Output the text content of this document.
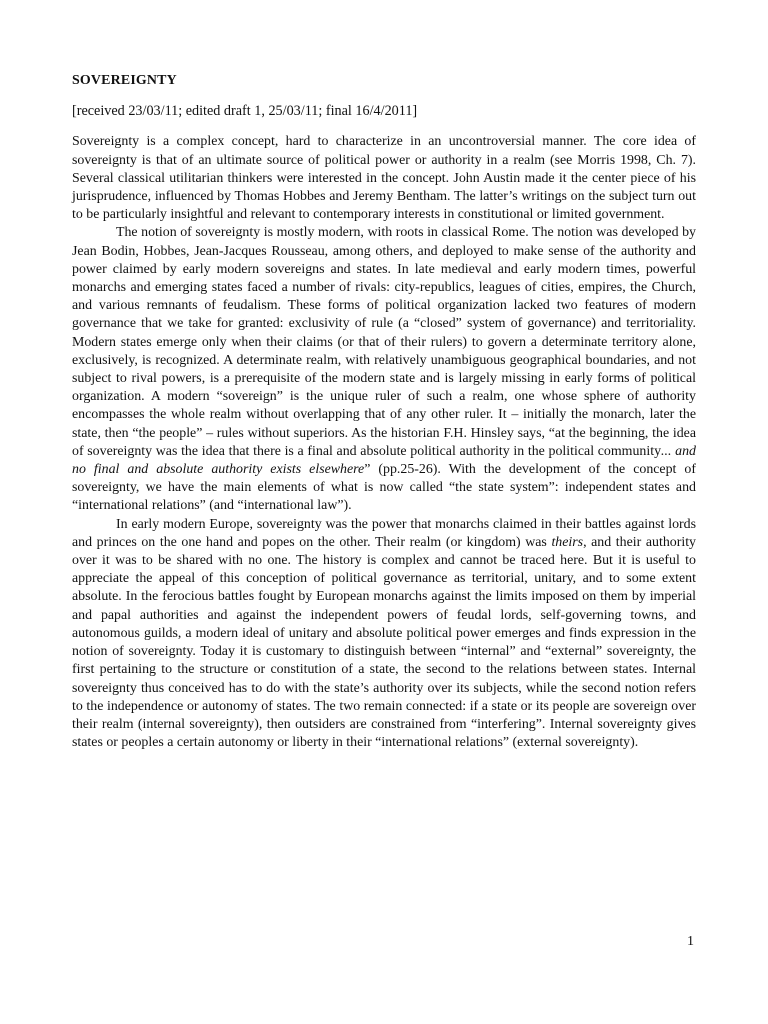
SOVEREIGNTY
[received 23/03/11; edited draft 1, 25/03/11; final 16/4/2011]

Sovereignty is a complex concept, hard to characterize in an uncontroversial manner. The core idea of sovereignty is that of an ultimate source of political power or authority in a realm (see Morris 1998, Ch. 7). Several classical utilitarian thinkers were interested in the concept. John Austin made it the center piece of his jurisprudence, influenced by Thomas Hobbes and Jeremy Bentham. The latter’s writings on the subject turn out to be particularly insightful and relevant to contemporary interests in constitutional or limited government.

The notion of sovereignty is mostly modern, with roots in classical Rome. The notion was developed by Jean Bodin, Hobbes, Jean-Jacques Rousseau, among others, and deployed to make sense of the authority and power claimed by early modern sovereigns and states. In late medieval and early modern times, powerful monarchs and emerging states faced a number of rivals: city-republics, leagues of cities, empires, the Church, and various remnants of feudalism. These forms of political organization lacked two features of modern governance that we take for granted: exclusivity of rule (a “closed” system of governance) and territoriality. Modern states emerge only when their claims (or that of their rulers) to govern a determinate territory alone, exclusively, is recognized. A determinate realm, with relatively unambiguous geographical boundaries, and not subject to rival powers, is a prerequisite of the modern state and is largely missing in early forms of political organization. A modern “sovereign” is the unique ruler of such a realm, one whose sphere of authority encompasses the whole realm without overlapping that of any other ruler. It – initially the monarch, later the state, then “the people” – rules without superiors. As the historian F.H. Hinsley says, “at the beginning, the idea of sovereignty was the idea that there is a final and absolute political authority in the political community... and no final and absolute authority exists elsewhere” (pp.25-26). With the development of the concept of sovereignty, we have the main elements of what is now called “the state system”: independent states and “international relations” (and “international law”).

In early modern Europe, sovereignty was the power that monarchs claimed in their battles against lords and princes on the one hand and popes on the other. Their realm (or kingdom) was theirs, and their authority over it was to be shared with no one. The history is complex and cannot be traced here. But it is useful to appreciate the appeal of this conception of political governance as territorial, unitary, and to some extent absolute. In the ferocious battles fought by European monarchs against the limits imposed on them by imperial and papal authorities and against the independent powers of feudal lords, self-governing towns, and autonomous guilds, a modern ideal of unitary and absolute political power emerges and finds expression in the notion of sovereignty. Today it is customary to distinguish between “internal” and “external” sovereignty, the first pertaining to the structure or constitution of a state, the second to the relations between states. Internal sovereignty thus conceived has to do with the state’s authority over its subjects, while the second notion refers to the independence or autonomy of states. The two remain connected: if a state or its people are sovereign over their realm (internal sovereignty), then outsiders are constrained from “interfering”. Internal sovereignty gives states or peoples a certain autonomy or liberty in their “international relations” (external sovereignty).

1
